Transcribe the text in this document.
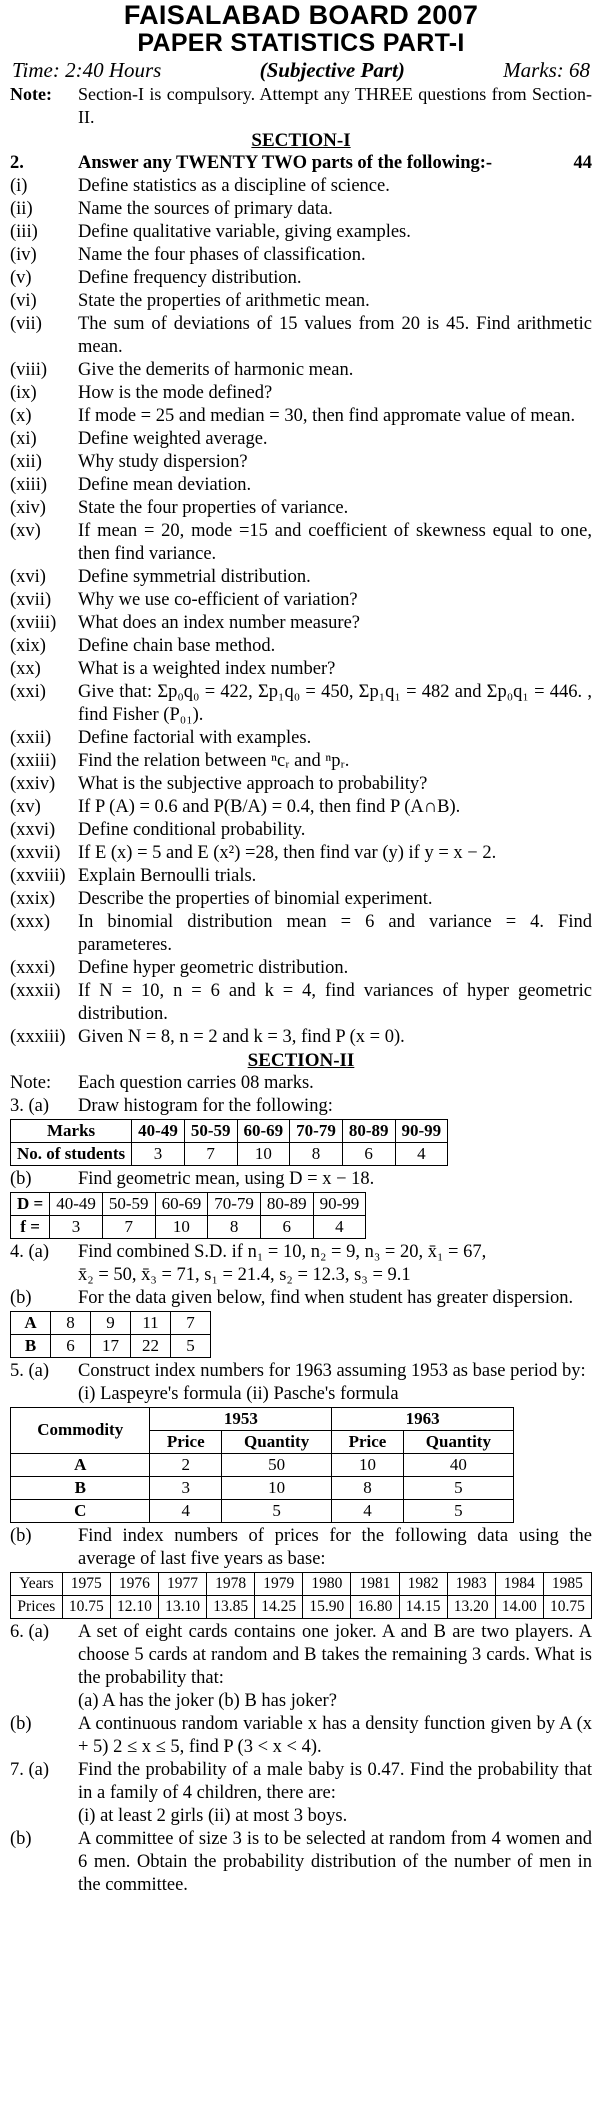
FAISALABAD BOARD 2007
PAPER STATISTICS PART-I
Time: 2:40 Hours	(Subjective Part)	Marks: 68
Note:	Section-I is compulsory. Attempt any THREE questions from Section-II.
SECTION-I
2.	Answer any TWENTY TWO parts of the following:-	44
(i)	Define statistics as a discipline of science.
(ii)	Name the sources of primary data.
(iii)	Define qualitative variable, giving examples.
(iv)	Name the four phases of classification.
(v)	Define frequency distribution.
(vi)	State the properties of arithmetic mean.
(vii)	The sum of deviations of 15 values from 20 is 45. Find arithmetic mean.
(viii)	Give the demerits of harmonic mean.
(ix)	How is the mode defined?
(x)	If mode = 25 and median = 30, then find appromate value of mean.
(xi)	Define weighted average.
(xii)	Why study dispersion?
(xiii)	Define mean deviation.
(xiv)	State the four properties of variance.
(xv)	If mean = 20, mode =15 and coefficient of skewness equal to one, then find variance.
(xvi)	Define symmetrial distribution.
(xvii)	Why we use co-efficient of variation?
(xviii)	What does an index number measure?
(xix)	Define chain base method.
(xx)	What is a weighted index number?
(xxi)	Give that: Σp₀q₀ = 422, Σp₁q₀ = 450, Σp₁q₁ = 482 and Σp₀q₁ = 446. , find Fisher (P₀₁).
(xxii)	Define factorial with examples.
(xxiii)	Find the relation between ⁿcᵣ and ⁿpᵣ.
(xxiv)	What is the subjective approach to probability?
(xv)	If P (A) = 0.6 and P(B/A) = 0.4, then find P (A∩B).
(xxvi)	Define conditional probability.
(xxvii) If E (x) = 5 and E (x²) =28, then find var (y) if y = x − 2.
(xxviii) Explain Bernoulli trials.
(xxix)	Describe the properties of binomial experiment.
(xxx)	In binomial distribution mean = 6 and variance = 4. Find parameteres.
(xxxi)	Define hyper geometric distribution.
(xxxii) If N = 10, n = 6 and k = 4, find variances of hyper geometric distribution.
(xxxiii) Given N = 8, n = 2 and k = 3, find P (x = 0).
SECTION-II
Note:	Each question carries 08 marks.
3. (a)	Draw histogram for the following:
Marks	40-49	50-59	60-69	70-79	80-89	90-99
No. of students	3	7	10	8	6	4
(b)	Find geometric mean, using D = x − 18.
D =	40-49	50-59	60-69	70-79	80-89	90-99
f =	3	7	10	8	6	4
4. (a)	Find combined S.D. if n₁ = 10, n₂ = 9, n₃ = 20, x̄₁ = 67,
x̄₂ = 50, x̄₃ = 71, s₁ = 21.4, s₂ = 12.3, s₃ = 9.1
(b)	For the data given below, find when student has greater dispersion.
A	8	9	11	7
B	6	17	22	5
5. (a)	Construct index numbers for 1963 assuming 1953 as base period by:
(i) Laspeyre's formula (ii) Pasche's formula
Commodity	1953		1963	
	Price	Quantity	Price	Quantity
A	2	50	10	40
B	3	10	8	5
C	4	5	4	5
(b)	Find index numbers of prices for the following data using the average of last five years as base:
Years	1975	1976	1977	1978	1979	1980	1981	1982	1983	1984	1985
Prices	10.75	12.10	13.10	13.85	14.25	15.90	16.80	14.15	13.20	14.00	10.75
6. (a)	A set of eight cards contains one joker. A and B are two players. A choose 5 cards at random and B takes the remaining 3 cards. What is the probability that:
(a) A has the joker (b) B has joker?
(b)	A continuous random variable x has a density function given by A (x + 5) 2 ≤ x ≤ 5, find P (3 < x < 4).
7. (a)	Find the probability of a male baby is 0.47. Find the probability that in a family of 4 children, there are:
(i) at least 2 girls (ii) at most 3 boys.
(b)	A committee of size 3 is to be selected at random from 4 women and 6 men. Obtain the probability distribution of the number of men in the committee.
